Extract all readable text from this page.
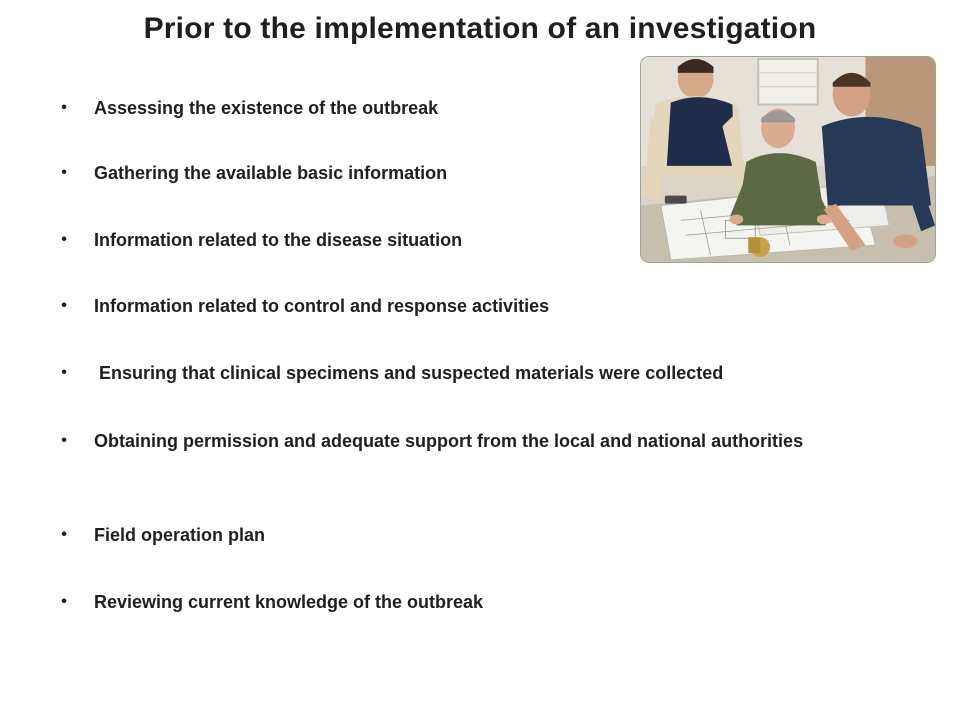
Prior to the implementation of an investigation
• Assessing the existence of the outbreak
• Gathering the available basic information
• Information related to the disease situation
• Information related to control and response activities
• Ensuring that clinical specimens and suspected materials were collected
• Obtaining permission and adequate support from the local and national authorities
• Field operation plan
• Reviewing current knowledge of the outbreak
